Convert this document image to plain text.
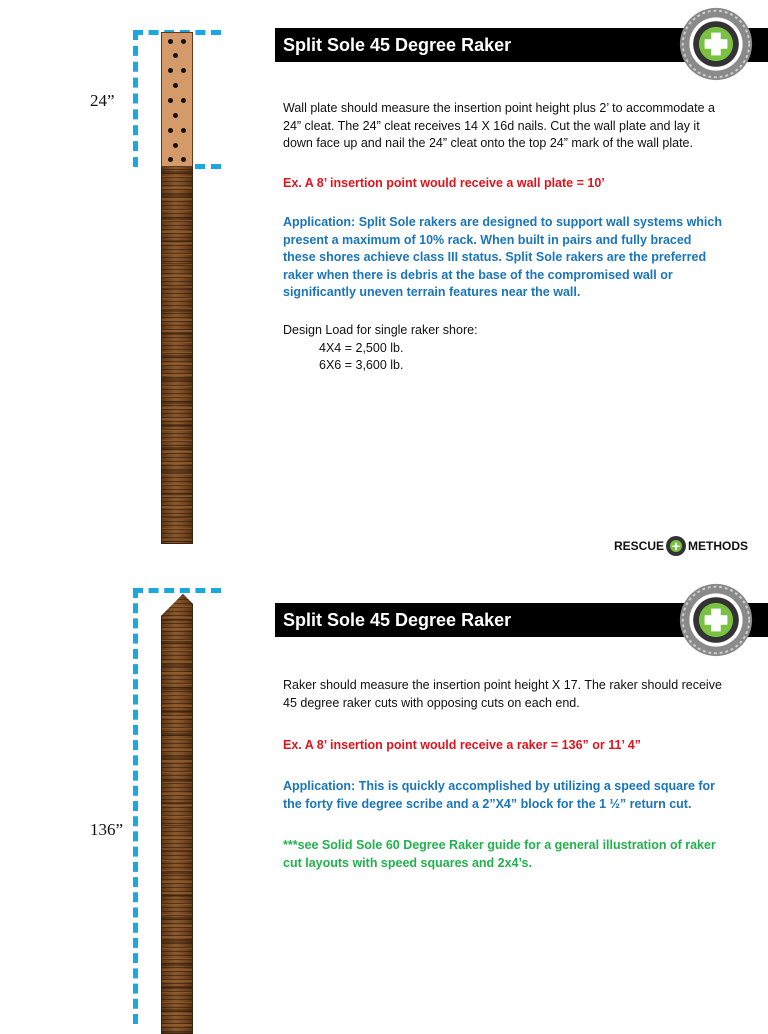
24”
Split Sole 45 Degree Raker
Wall plate should measure the insertion point height plus 2’ to accommodate a 24” cleat. The 24” cleat receives 14 X 16d nails. Cut the wall plate and lay it down face up and nail the 24” cleat onto the top 24” mark of the wall plate.
Ex. A 8’ insertion point would receive a wall plate = 10’
Application: Split Sole rakers are designed to support wall systems which present a maximum of 10% rack. When built in pairs and fully braced these shores achieve class III status. Split Sole rakers are the preferred raker when there is debris at the base of the compromised wall or significantly uneven terrain features near the wall.
Design Load for single raker shore:
4X4 = 2,500 lb.
6X6 = 3,600 lb.
RESCUE+ METHODS
136”
Split Sole 45 Degree Raker
Raker should measure the insertion point height X 17. The raker should receive 45 degree raker cuts with opposing cuts on each end.
Ex. A 8’ insertion point would receive a raker = 136” or 11’ 4”
Application: This is quickly accomplished by utilizing a speed square for the forty five degree scribe and a 2”X4” block for the 1 ½” return cut.
***see Solid Sole 60 Degree Raker guide for a general illustration of raker cut layouts with speed squares and 2x4’s.
